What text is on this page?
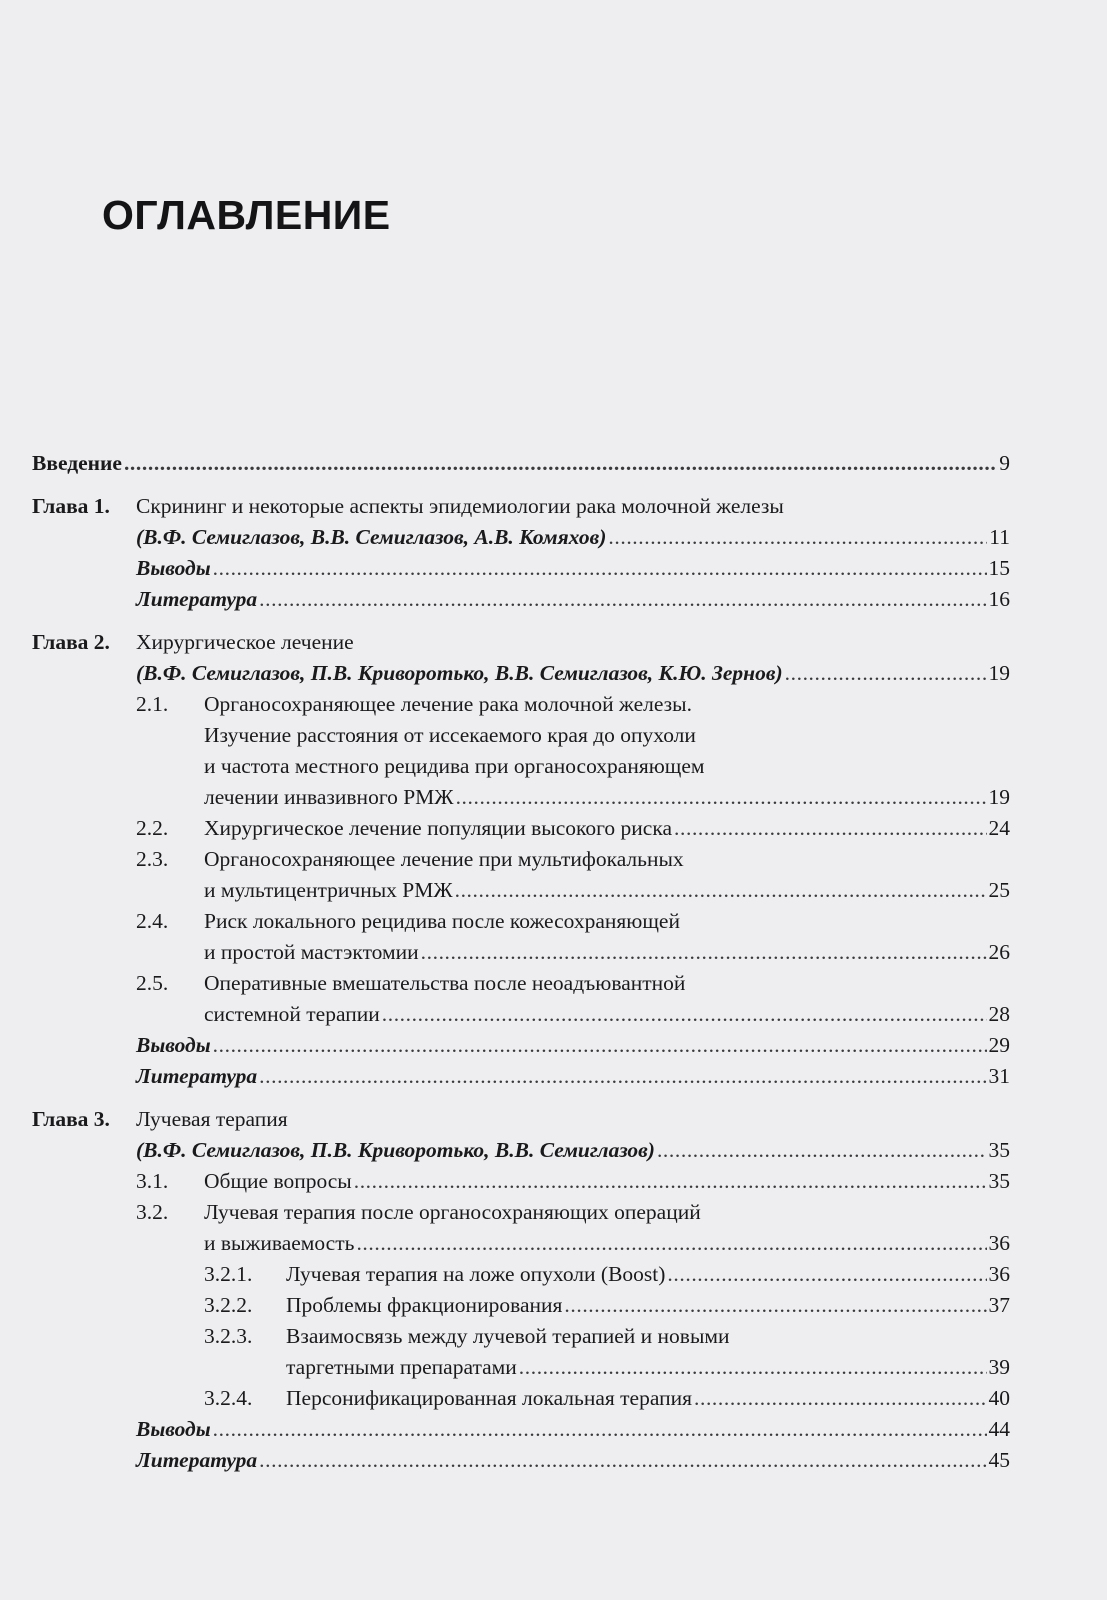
ОГЛАВЛЕНИЕ
Введение .....	9
Глава 1. Скрининг и некоторые аспекты эпидемиологии рака молочной железы
(В.Ф. Семиглазов, В.В. Семиглазов, А.В. Комяхов) .....	11
Выводы .....	15
Литература .....	16
Глава 2. Хирургическое лечение
(В.Ф. Семиглазов, П.В. Криворотько, В.В. Семиглазов, К.Ю. Зернов) .....	19
2.1. Органосохраняющее лечение рака молочной железы.
Изучение расстояния от иссекаемого края до опухоли
и частота местного рецидива при органосохраняющем
лечении инвазивного РМЖ .....	19
2.2. Хирургическое лечение популяции высокого риска .....	24
2.3. Органосохраняющее лечение при мультифокальных
и мультицентричных РМЖ .....	25
2.4. Риск локального рецидива после кожесохраняющей
и простой мастэктомии .....	26
2.5. Оперативные вмешательства после неоадъювантной
системной терапии .....	28
Выводы .....	29
Литература .....	31
Глава 3. Лучевая терапия
(В.Ф. Семиглазов, П.В. Криворотько, В.В. Семиглазов) .....	35
3.1. Общие вопросы .....	35
3.2. Лучевая терапия после органосохраняющих операций
и выживаемость .....	36
3.2.1. Лучевая терапия на ложе опухоли (Boost) .....	36
3.2.2. Проблемы фракционирования .....	37
3.2.3. Взаимосвязь между лучевой терапией и новыми
таргетными препаратами .....	39
3.2.4. Персонификацированная локальная терапия .....	40
Выводы .....	44
Литература .....	45
